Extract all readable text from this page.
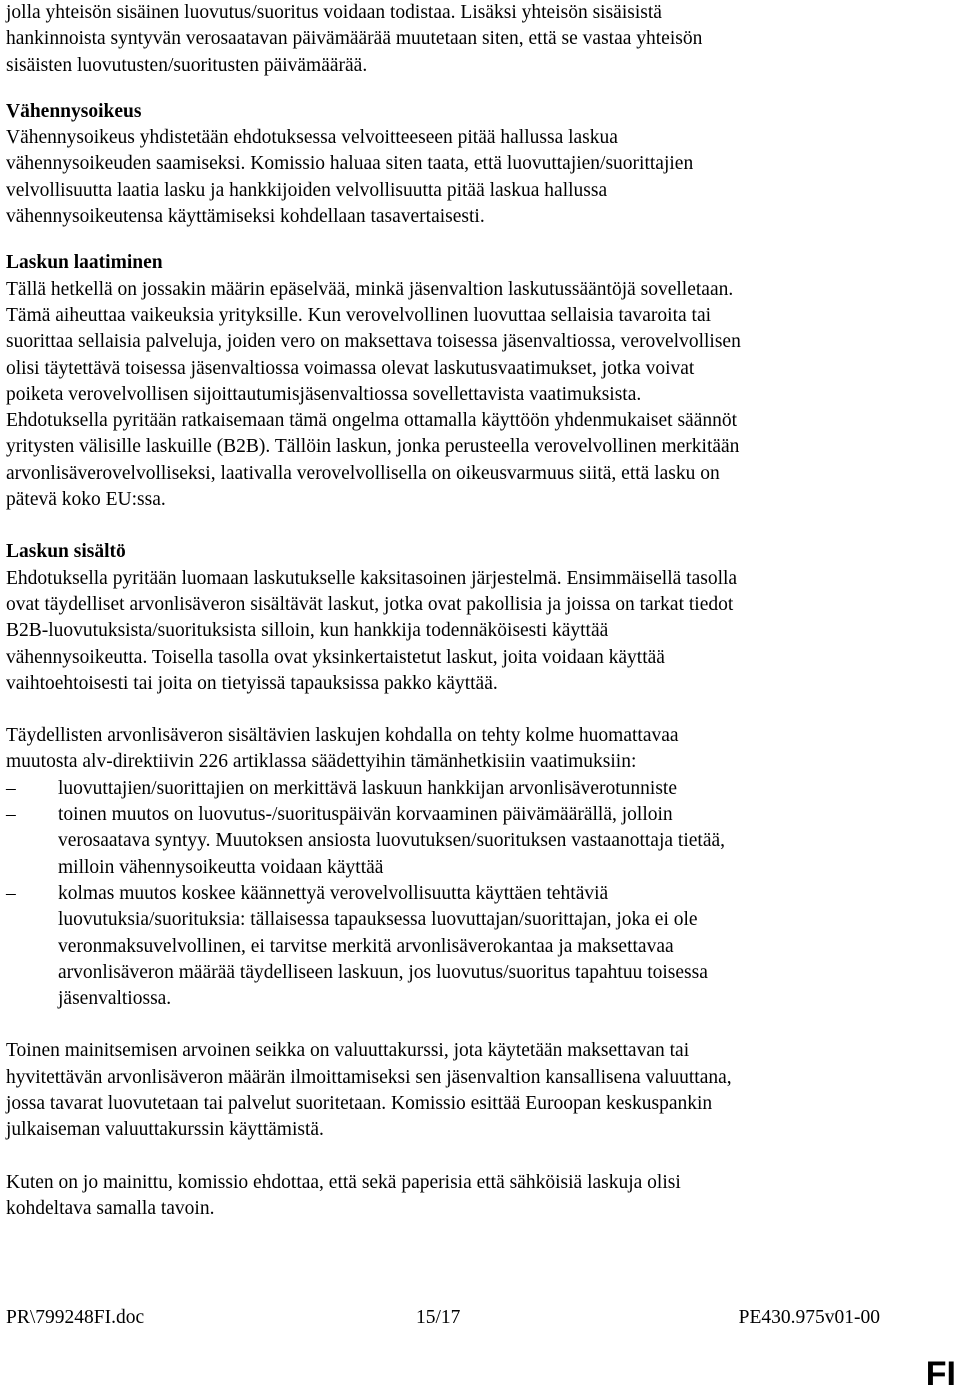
jolla yhteisön sisäinen luovutus/suoritus voidaan todistaa. Lisäksi yhteisön sisäisistä
hankinnoista syntyvän verosaatavan päivämäärää muutetaan siten, että se vastaa yhteisön
sisäisten luovutusten/suoritusten päivämäärää.
Vähennysoikeus
Vähennysoikeus yhdistetään ehdotuksessa velvoitteeseen pitää hallussa laskua
vähennysoikeuden saamiseksi. Komissio haluaa siten taata, että luovuttajien/suorittajien
velvollisuutta laatia lasku ja hankkijoiden velvollisuutta pitää laskua hallussa
vähennysoikeutensa käyttämiseksi kohdellaan tasavertaisesti.
Laskun laatiminen
Tällä hetkellä on jossakin määrin epäselvää, minkä jäsenvaltion laskutussääntöjä sovelletaan.
Tämä aiheuttaa vaikeuksia yrityksille. Kun verovelvollinen luovuttaa sellaisia tavaroita tai
suorittaa sellaisia palveluja, joiden vero on maksettava toisessa jäsenvaltiossa, verovelvollisen
olisi täytettävä toisessa jäsenvaltiossa voimassa olevat laskutusvaatimukset, jotka voivat
poiketa verovelvollisen sijoittautumisjäsenvaltiossa sovellettavista vaatimuksista.
Ehdotuksella pyritään ratkaisemaan tämä ongelma ottamalla käyttöön yhdenmukaiset säännöt
yritysten välisille laskuille (B2B). Tällöin laskun, jonka perusteella verovelvollinen merkitään
arvonlisäverovelvolliseksi, laativalla verovelvollisella on oikeusvarmuus siitä, että lasku on
pätevä koko EU:ssa.
Laskun sisältö
Ehdotuksella pyritään luomaan laskutukselle kaksitasoinen järjestelmä. Ensimmäisellä tasolla
ovat täydelliset arvonlisäveron sisältävät laskut, jotka ovat pakollisia ja joissa on tarkat tiedot
B2B-luovutuksista/suorituksista silloin, kun hankkija todennäköisesti käyttää
vähennysoikeutta. Toisella tasolla ovat yksinkertaistetut laskut, joita voidaan käyttää
vaihtoehtoisesti tai joita on tietyissä tapauksissa pakko käyttää.
Täydellisten arvonlisäveron sisältävien laskujen kohdalla on tehty kolme huomattavaa
muutosta alv-direktiivin 226 artiklassa säädettyihin tämänhetkisiin vaatimuksiin:
– luovuttajien/suorittajien on merkittävä laskuun hankkijan arvonlisäverotunniste
– toinen muutos on luovutus-/suorituspäivän korvaaminen päivämäärällä, jolloin
verosaatava syntyy. Muutoksen ansiosta luovutuksen/suorituksen vastaanottaja tietää,
milloin vähennysoikeutta voidaan käyttää
– kolmas muutos koskee käännettyä verovelvollisuutta käyttäen tehtäviä
luovutuksia/suorituksia: tällaisessa tapauksessa luovuttajan/suorittajan, joka ei ole
veronmaksuvelvollinen, ei tarvitse merkitä arvonlisäverokantaa ja maksettavaa
arvonlisäveron määrää täydelliseen laskuun, jos luovutus/suoritus tapahtuu toisessa
jäsenvaltiossa.
Toinen mainitsemisen arvoinen seikka on valuuttakurssi, jota käytetään maksettavan tai
hyvitettävän arvonlisäveron määrän ilmoittamiseksi sen jäsenvaltion kansallisena valuuttana,
jossa tavarat luovutetaan tai palvelut suoritetaan. Komissio esittää Euroopan keskuspankin
julkaiseman valuuttakurssin käyttämistä.
Kuten on jo mainittu, komissio ehdottaa, että sekä paperisia että sähköisiä laskuja olisi
kohdeltava samalla tavoin.
PR\799248FI.doc	15/17	PE430.975v01-00
FI
